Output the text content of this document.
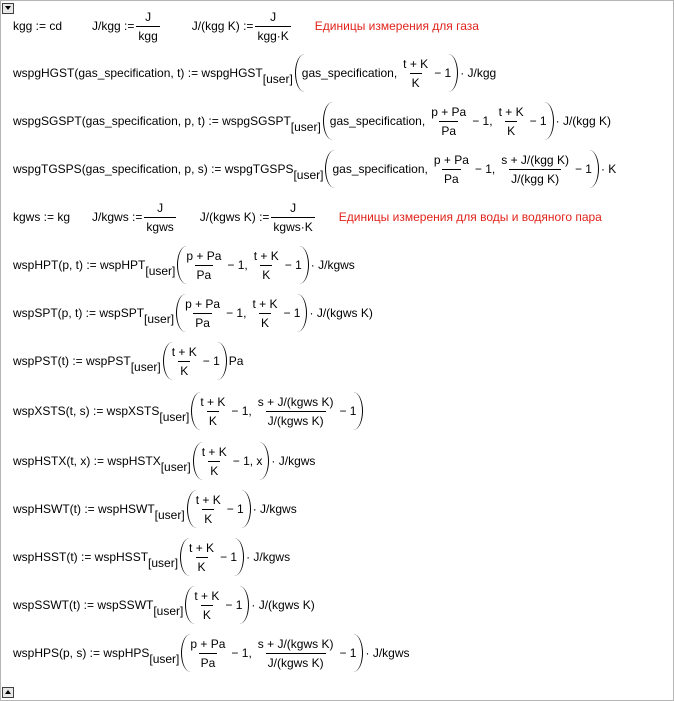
kgg := cd	J/kgg := $\frac{J}{\text{kgg}}$	J/(kgg K) := $\frac{J}{\text{kgg·K}}$ Единицы измерения для газа
wspgHGST(gas_specification, t) := wspgHGST [user] gas_specification, $\frac{t + K}{K} - 1 \cdot J/kgg$
wspgSGSPT(gas_specification, p, t) := wspgSGSPT [user] gas_specification, $\frac{p + Pa}{Pa} - 1$, $\frac{t + K}{K} - 1 \cdot J/(kgg$ K)
wspgTGSPS(gas_specification, p, s) := wspgTGSPS [user] gas_specification, $\frac{p + Pa}{Pa} - 1$, $\frac{\text{s + J/(kgg K)}}{\text{J/(kgg K)}} - 1 \cdot K$
kgws := kg J/kgws := $\frac{J}{\text{kgws}}$ J/(kgws K) := $\frac{J}{\text{kgws·K}}$ Единицы измерения для воды и водяного пара
wspHPT(p, t) := wspHPT [user] $\frac{p + Pa}{Pa} - 1$, $\frac{t + K}{K} - 1$ · J/kgws
wspSPT(p, t) := wspSPT [user] $\frac{p + Pa}{Pa} - 1$, $\frac{t + K}{K} - 1$ · J/(kgws K)
wspPST(t) := wspPST [user] $\frac{t + K}{K} - 1$ Pa
wspXSTS(t, s) := wspXSTS [user] $\frac{t + K}{K} - 1$, $\frac{\text{s + J/(kgws K)}}{\text{J/(kgws K)}} - 1$
wspHSTX(t, x) := wspHSTX [user] $\frac{t + K}{K} - 1$, x · J/kgws
wspHSWT(t) := wspHSWT [user] $\frac{t + K}{K} - 1$ · J/kgws
wspHSST(t) := wspHSST [user] $\frac{t + K}{K} - 1$ · J/kgws
wspSSWT(t) := wspSSWT [user] $\frac{t + K}{K} - 1$ · J/(kgws K)
wspHPS(p, s) := wspHPS [user] $\frac{p + Pa}{Pa} - 1$, $\frac{\text{s + J/(kgws K)}}{\text{J/(kgws K)}} - 1$ · J/kgws
